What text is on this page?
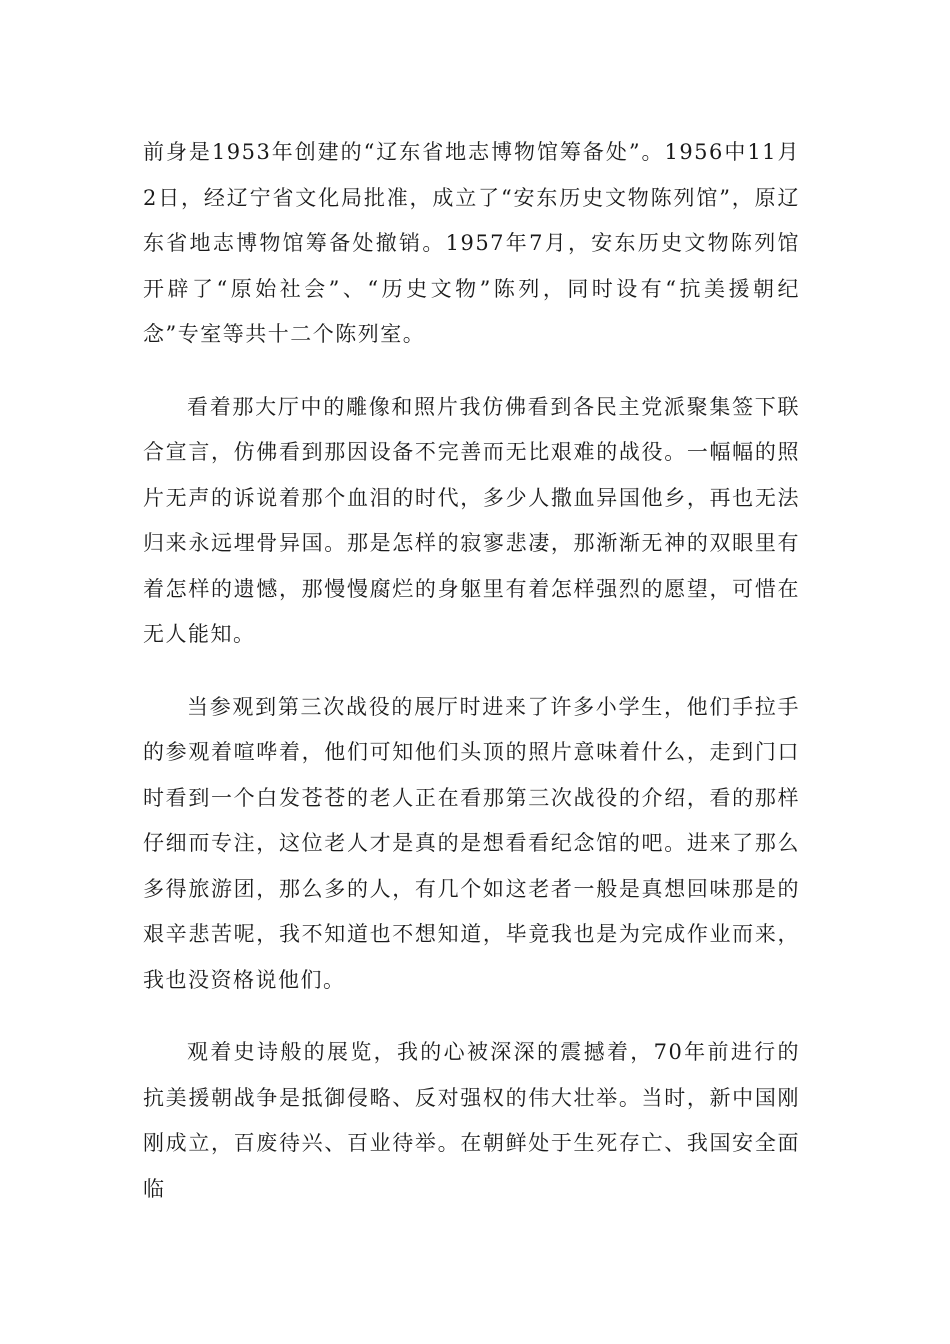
前身是1953年创建的“辽东省地志博物馆筹备处”。1956中11月2日，经辽宁省文化局批准，成立了“安东历史文物陈列馆”，原辽东省地志博物馆筹备处撤销。1957年7月，安东历史文物陈列馆开辟了“原始社会”、“历史文物”陈列，同时设有“抗美援朝纪念”专室等共十二个陈列室。

看着那大厅中的雕像和照片我仿佛看到各民主党派聚集签下联合宣言，仿佛看到那因设备不完善而无比艰难的战役。一幅幅的照片无声的诉说着那个血泪的时代，多少人撒血异国他乡，再也无法归来永远埋骨异国。那是怎样的寂寥悲凄，那渐渐无神的双眼里有着怎样的遗憾，那慢慢腐烂的身躯里有着怎样强烈的愿望，可惜在无人能知。

当参观到第三次战役的展厅时进来了许多小学生，他们手拉手的参观着喧哗着，他们可知他们头顶的照片意味着什么，走到门口时看到一个白发苍苍的老人正在看那第三次战役的介绍，看的那样仔细而专注，这位老人才是真的是想看看纪念馆的吧。进来了那么多得旅游团，那么多的人，有几个如这老者一般是真想回味那是的艰辛悲苦呢，我不知道也不想知道，毕竟我也是为完成作业而来，我也没资格说他们。

观着史诗般的展览，我的心被深深的震撼着，70年前进行的抗美援朝战争是抵御侵略、反对强权的伟大壮举。当时，新中国刚刚成立，百废待兴、百业待举。在朝鲜处于生死存亡、我国安全面临
